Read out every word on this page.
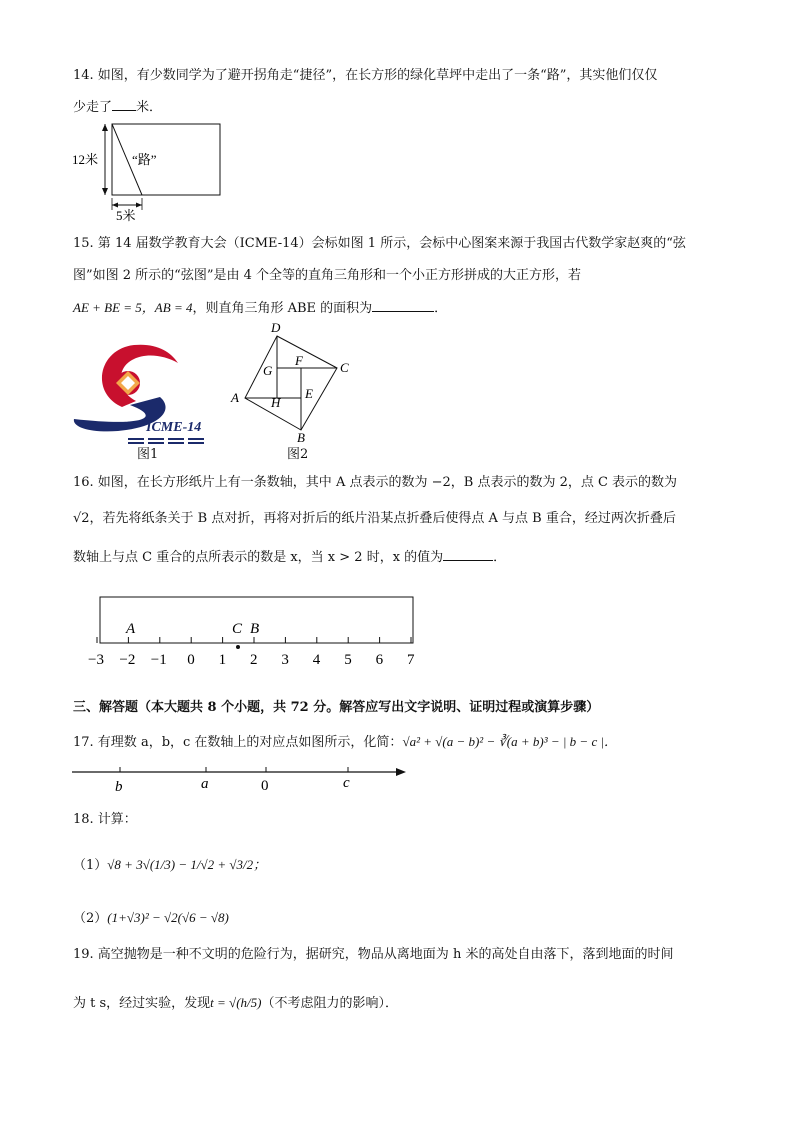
14. 如图，有少数同学为了避开拐角走“捷径”，在长方形的绿化草坪中走出了一条“路”，其实他们仅仅
少走了 米．
12米
5米
“路”
15. 第 14 届数学教育大会（ICME-14）会标如图 1 所示，会标中心图案来源于我国古代数学家赵爽的“弦
图”如图 2 所示的“弦图”是由 4 个全等的直角三角形和一个小正方形拼成的大正方形，若
AE + BE = 5，AB = 4，则直角三角形 ABE 的面积为	．
ICME-14
图1
D
F
G	C
A H
E
B
图2
16. 如图，在长方形纸片上有一条数轴，其中 A 点表示的数为 −2，B 点表示的数为 2，点 C 表示的数为
√2，若先将纸条关于 B 点对折，再将对折后的纸片沿某点折叠后使得点 A 与点 B 重合，经过两次折叠后
数轴上与点 C 重合的点所表示的数是 x，当 x > 2 时，x 的值为	．
−3 −2 −1 0 1 2 3 4 5 6 7
A	C B
三、解答题（本大题共 8 个小题，共 72 分。解答应写出文字说明、证明过程或演算步骤）
17. 有理数 a，b，c 在数轴上的对应点如图所示，化简：√a² + √(a − b)² − ∛(a + b)³ − | b − c |．
b	a	0	c
18. 计算：
（1）√8 + 3√(1/3) − 1/√2 + √3/2；
（2）(1+√3)² − √2(√6 − √8)
19. 高空抛物是一种不文明的危险行为，据研究，物品从离地面为 h 米的高处自由落下，落到地面的时间
为 t s，经过实验，发现t = √(h/5)（不考虑阻力的影响）．
